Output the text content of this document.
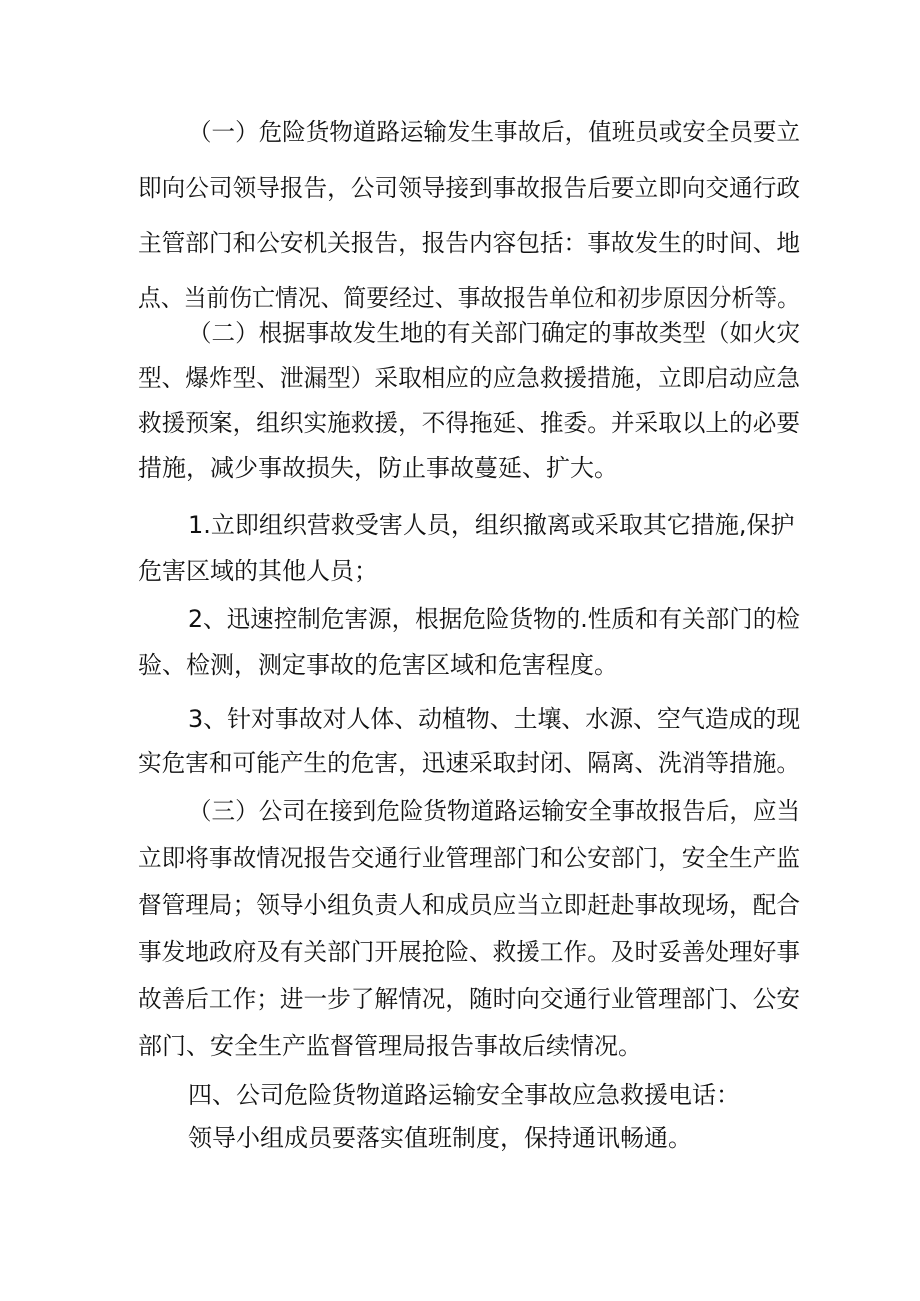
（一）危险货物道路运输发生事故后，值班员或安全员要立
即向公司领导报告，公司领导接到事故报告后要立即向交通行政
主管部门和公安机关报告，报告内容包括：事故发生的时间、地
点、当前伤亡情况、简要经过、事故报告单位和初步原因分析等。
（二）根据事故发生地的有关部门确定的事故类型（如火灾
型、爆炸型、泄漏型）采取相应的应急救援措施，立即启动应急
救援预案，组织实施救援，不得拖延、推委。并采取以上的必要
措施，减少事故损失，防止事故蔓延、扩大。
1.立即组织营救受害人员，组织撤离或采取其它措施,保护
危害区域的其他人员；
2、迅速控制危害源，根据危险货物的.性质和有关部门的检
验、检测，测定事故的危害区域和危害程度。
3、针对事故对人体、动植物、土壤、水源、空气造成的现
实危害和可能产生的危害，迅速采取封闭、隔离、洗消等措施。
（三）公司在接到危险货物道路运输安全事故报告后，应当
立即将事故情况报告交通行业管理部门和公安部门，安全生产监
督管理局；领导小组负责人和成员应当立即赶赴事故现场，配合
事发地政府及有关部门开展抢险、救援工作。及时妥善处理好事
故善后工作；进一步了解情况，随时向交通行业管理部门、公安
部门、安全生产监督管理局报告事故后续情况。
四、公司危险货物道路运输安全事故应急救援电话：
领导小组成员要落实值班制度，保持通讯畅通。
